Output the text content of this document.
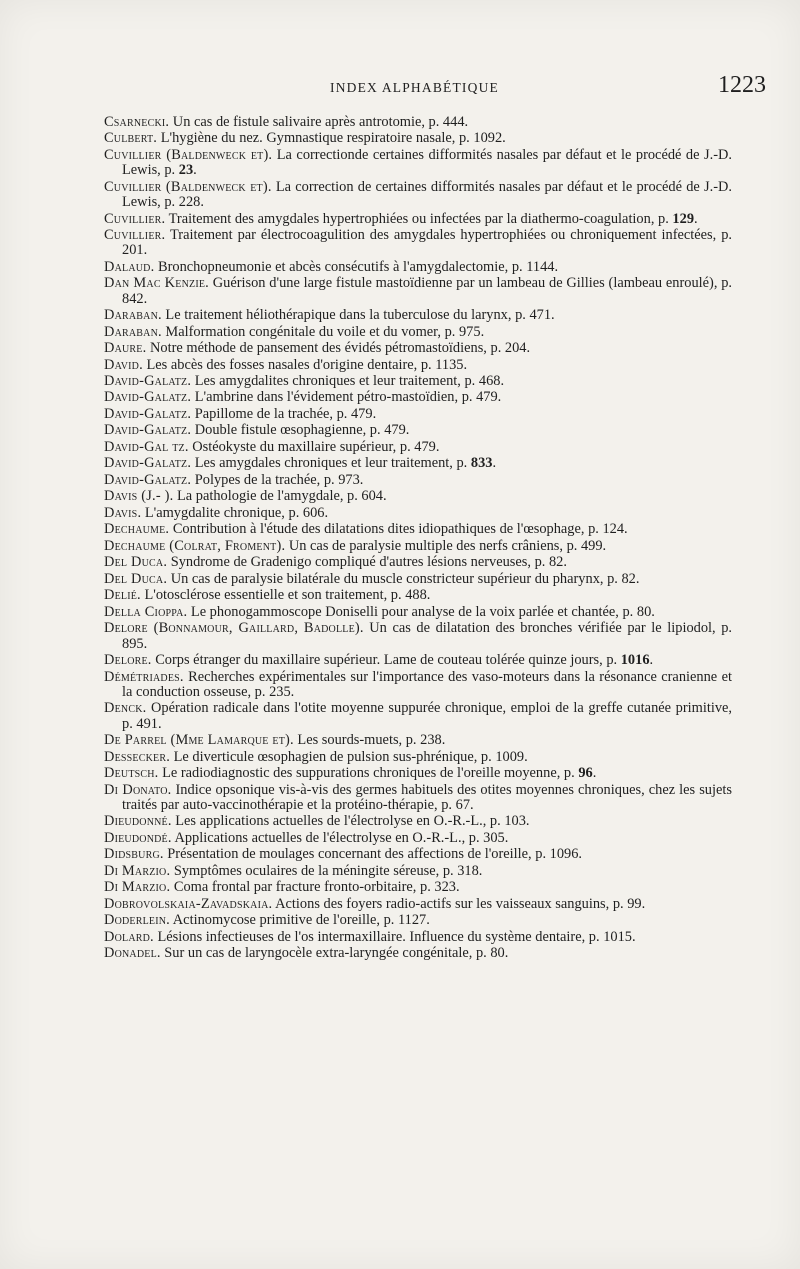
INDEX ALPHABÉTIQUE	1223

Csarnecki. Un cas de fistule salivaire après antrotomie, p. 444.

Culbert. L'hygiène du nez. Gymnastique respiratoire nasale, p. 1092.

Cuvillier (Baldenweck et). La correctionde certaines difformités nasales par défaut et le procédé de J.-D. Lewis, p. 23.

Cuvillier (Baldenweck et). La correction de certaines difformités nasales par défaut et le procédé de J.-D. Lewis, p. 228.

Cuvillier. Traitement des amygdales hypertrophiées ou infectées par la diathermo-coagulation, p. 129.

Cuvillier. Traitement par électrocoagulition des amygdales hypertrophiées ou chroniquement infectées, p. 201.

Dalaud. Bronchopneumonie et abcès consécutifs à l'amygdalectomie, p. 1144.

Dan Mac Kenzie. Guérison d'une large fistule mastoïdienne par un lambeau de Gillies (lambeau enroulé), p. 842.

Daraban. Le traitement héliothérapique dans la tuberculose du larynx, p. 471.

Daraban. Malformation congénitale du voile et du vomer, p. 975.

Daure. Notre méthode de pansement des évidés pétromastoïdiens, p. 204.

David. Les abcès des fosses nasales d'origine dentaire, p. 1135.

David-Galatz. Les amygdalites chroniques et leur traitement, p. 468.

David-Galatz. L'ambrine dans l'évidement pétro-mastoïdien, p. 479.

David-Galatz. Papillome de la trachée, p. 479.

David-Galatz. Double fistule œsophagienne, p. 479.

David-Gal tz. Ostéokyste du maxillaire supérieur, p. 479.

David-Galatz. Les amygdales chroniques et leur traitement, p. 833.

David-Galatz. Polypes de la trachée, p. 973.

Davis (J.- ). La pathologie de l'amygdale, p. 604.

Davis. L'amygdalite chronique, p. 606.

Dechaume. Contribution à l'étude des dilatations dites idiopathiques de l'œsophage, p. 124.

Dechaume (Colrat, Froment). Un cas de paralysie multiple des nerfs crâniens, p. 499.

Del Duca. Syndrome de Gradenigo compliqué d'autres lésions nerveuses, p. 82.

Del Duca. Un cas de paralysie bilatérale du muscle constricteur supérieur du pharynx, p. 82.

Delié. L'otosclérose essentielle et son traitement, p. 488.

Della Cioppa. Le phonogammoscope Doniselli pour analyse de la voix parlée et chantée, p. 80.

Delore (Bonnamour, Gaillard, Badolle). Un cas de dilatation des bronches vérifiée par le lipiodol, p. 895.

Delore. Corps étranger du maxillaire supérieur. Lame de couteau tolérée quinze jours, p. 1016.

Démétriades. Recherches expérimentales sur l'importance des vaso-moteurs dans la résonance cranienne et la conduction osseuse, p. 235.

Denck. Opération radicale dans l'otite moyenne suppurée chronique, emploi de la greffe cutanée primitive, p. 491.

De Parrel (Mme Lamarque et). Les sourds-muets, p. 238.

Dessecker. Le diverticule œsophagien de pulsion sus-phrénique, p. 1009.

Deutsch. Le radiodiagnostic des suppurations chroniques de l'oreille moyenne, p. 96.

Di Donato. Indice opsonique vis-à-vis des germes habituels des otites moyennes chroniques, chez les sujets traités par auto-vaccinothérapie et la protéino-thérapie, p. 67.

Dieudonné. Les applications actuelles de l'électrolyse en O.-R.-L., p. 103.

Dieudondé. Applications actuelles de l'électrolyse en O.-R.-L., p. 305.

Didsburg. Présentation de moulages concernant des affections de l'oreille, p. 1096.

Di Marzio. Symptômes oculaires de la méningite séreuse, p. 318.

Di Marzio. Coma frontal par fracture fronto-orbitaire, p. 323.

Dobrovolskaia-Zavadskaia. Actions des foyers radio-actifs sur les vaisseaux sanguins, p. 99.

Doderlein. Actinomycose primitive de l'oreille, p. 1127.

Dolard. Lésions infectieuses de l'os intermaxillaire. Influence du système dentaire, p. 1015.

Donadel. Sur un cas de laryngocèle extra-laryngée congénitale, p. 80.
